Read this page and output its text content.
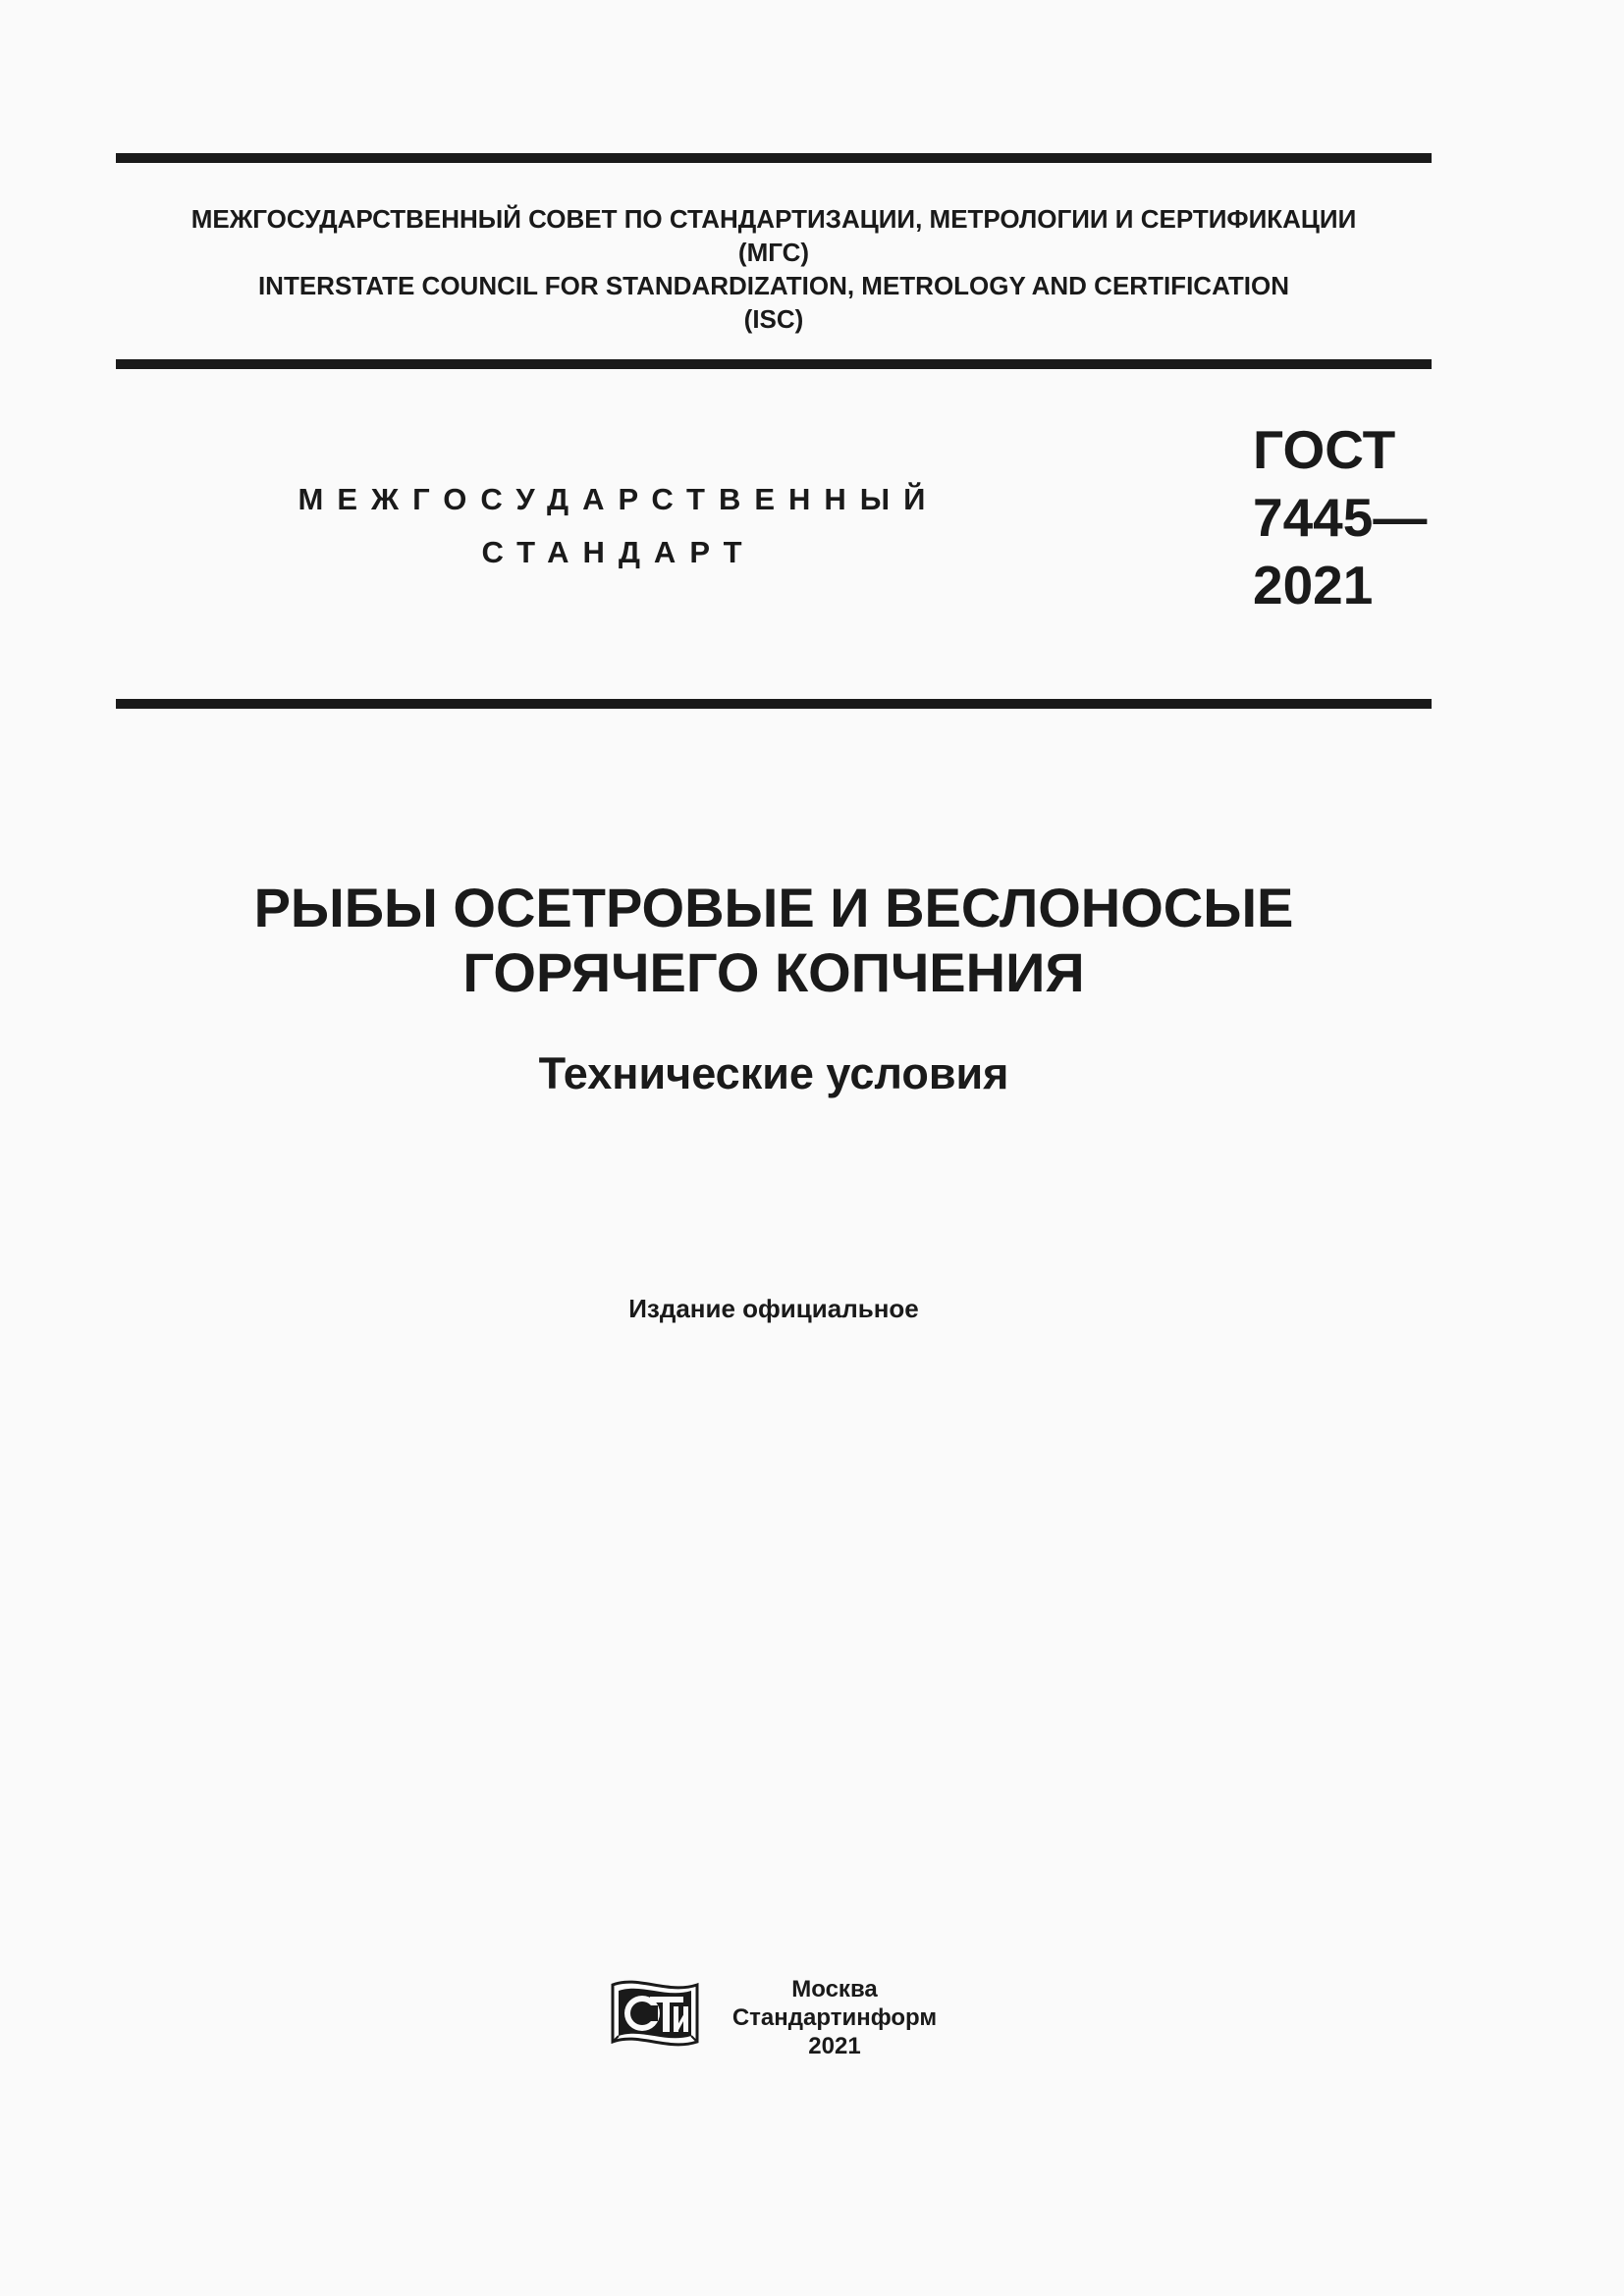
МЕЖГОСУДАРСТВЕННЫЙ СОВЕТ ПО СТАНДАРТИЗАЦИИ, МЕТРОЛОГИИ И СЕРТИФИКАЦИИ
(МГС)
INTERSTATE COUNCIL FOR STANDARDIZATION, METROLOGY AND CERTIFICATION
(ISC)
МЕЖГОСУДАРСТВЕННЫЙ
СТАНДАРТ
ГОСТ
7445—
2021
РЫБЫ ОСЕТРОВЫЕ И ВЕСЛОНОСЫЕ
ГОРЯЧЕГО КОПЧЕНИЯ
Технические условия
Издание официальное
Москва
Стандартинформ
2021
